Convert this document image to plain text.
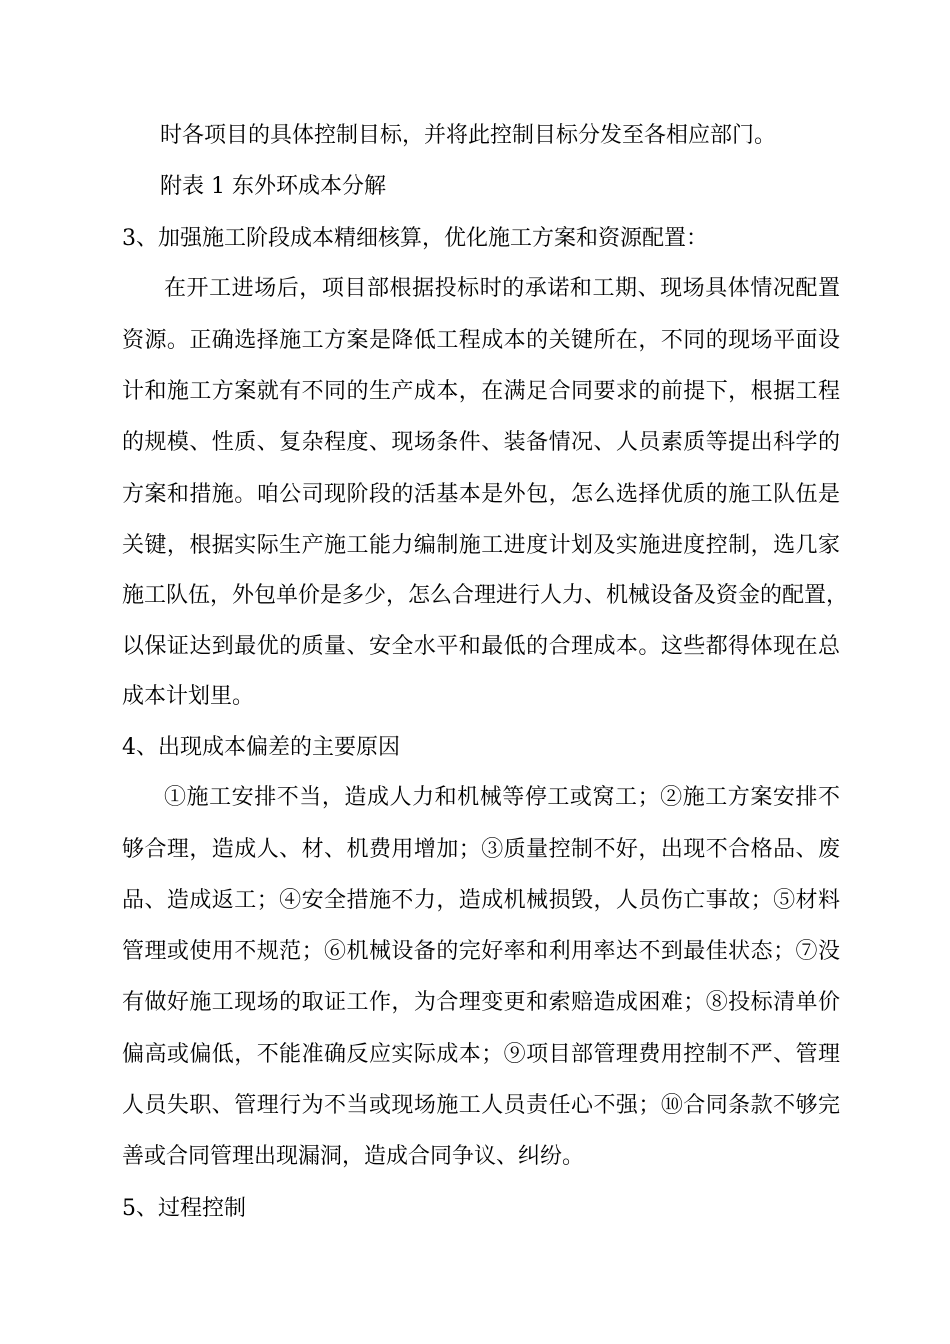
时各项目的具体控制目标，并将此控制目标分发至各相应部门。
附表 1 东外环成本分解
3、加强施工阶段成本精细核算，优化施工方案和资源配置：
在开工进场后，项目部根据投标时的承诺和工期、现场具体情况配置
资源。正确选择施工方案是降低工程成本的关键所在，不同的现场平面设
计和施工方案就有不同的生产成本，在满足合同要求的前提下，根据工程
的规模、性质、复杂程度、现场条件、装备情况、人员素质等提出科学的
方案和措施。咱公司现阶段的活基本是外包，怎么选择优质的施工队伍是
关键，根据实际生产施工能力编制施工进度计划及实施进度控制，选几家
施工队伍，外包单价是多少，怎么合理进行人力、机械设备及资金的配置，
以保证达到最优的质量、安全水平和最低的合理成本。这些都得体现在总
成本计划里。
4、出现成本偏差的主要原因
①施工安排不当，造成人力和机械等停工或窝工；②施工方案安排不
够合理，造成人、材、机费用增加；③质量控制不好，出现不合格品、废
品、造成返工；④安全措施不力，造成机械损毁，人员伤亡事故；⑤材料
管理或使用不规范；⑥机械设备的完好率和利用率达不到最佳状态；⑦没
有做好施工现场的取证工作，为合理变更和索赔造成困难；⑧投标清单价
偏高或偏低，不能准确反应实际成本；⑨项目部管理费用控制不严、管理
人员失职、管理行为不当或现场施工人员责任心不强；⑩合同条款不够完
善或合同管理出现漏洞，造成合同争议、纠纷。
5、过程控制
